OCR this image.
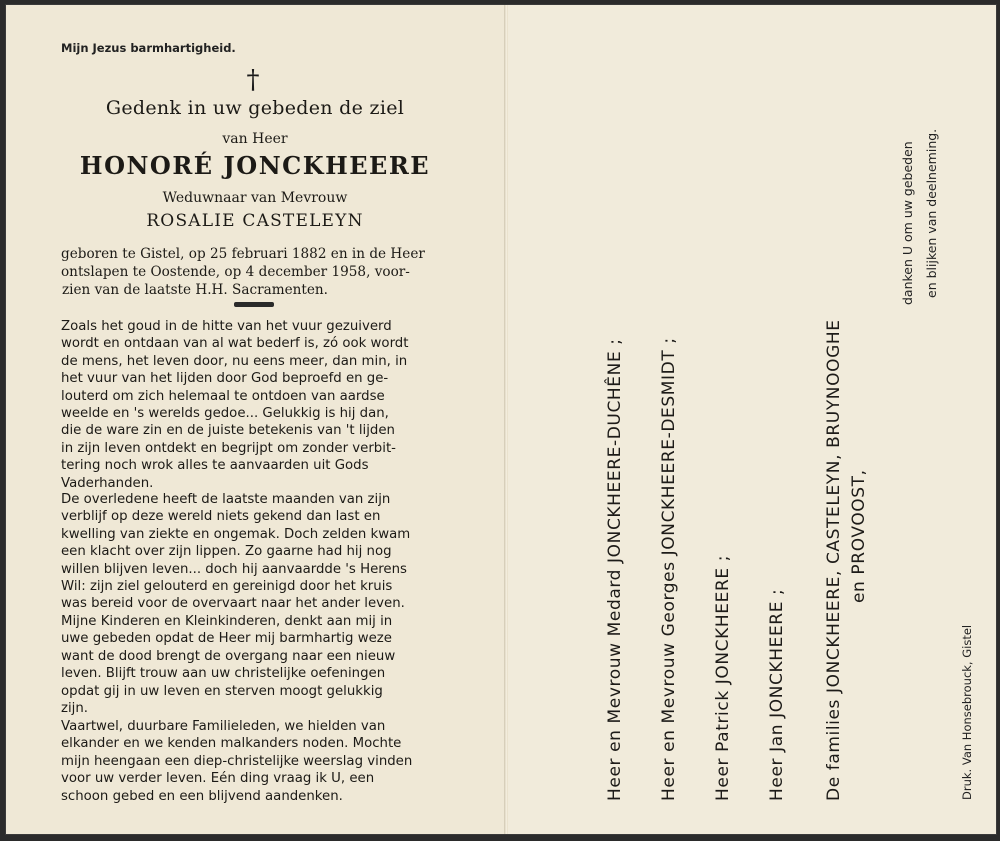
Mijn Jezus barmhartigheid.
†
Gedenk in uw gebeden de ziel
van Heer
HONORÉ JONCKHEERE
Weduwnaar van Mevrouw
ROSALIE CASTELEYN
geboren te Gistel, op 25 februari 1882 en in de Heer
ontslapen te Oostende, op 4 december 1958, voor-
zien van de laatste H.H. Sacramenten.
Zoals het goud in de hitte van het vuur gezuiverd
wordt en ontdaan van al wat bederf is, zó ook wordt
de mens, het leven door, nu eens meer, dan min, in
het vuur van het lijden door God beproefd en ge-
louterd om zich helemaal te ontdoen van aardse
weelde en 's werelds gedoe... Gelukkig is hij dan,
die de ware zin en de juiste betekenis van 't lijden
in zijn leven ontdekt en begrijpt om zonder verbit-
tering noch wrok alles te aanvaarden uit Gods
Vaderhanden.
De overledene heeft de laatste maanden van zijn
verblijf op deze wereld niets gekend dan last en
kwelling van ziekte en ongemak. Doch zelden kwam
een klacht over zijn lippen. Zo gaarne had hij nog
willen blijven leven... doch hij aanvaardde 's Herens
Wil: zijn ziel gelouterd en gereinigd door het kruis
was bereid voor de overvaart naar het ander leven.
Mijne Kinderen en Kleinkinderen, denkt aan mij in
uwe gebeden opdat de Heer mij barmhartig weze
want de dood brengt de overgang naar een nieuw
leven. Blijft trouw aan uw christelijke oefeningen
opdat gij in uw leven en sterven moogt gelukkig
zijn.
Vaartwel, duurbare Familieleden, we hielden van
elkander en we kenden malkanders noden. Mochte
mijn heengaan een diep-christelijke weerslag vinden
voor uw verder leven. Eén ding vraag ik U, een
schoon gebed en een blijvend aandenken.	Heer en Mevrouw Medard JONCKHEERE-DUCHÊNE ; Heer en Mevrouw Georges JONCKHEERE-DESMIDT ; Heer Patrick JONCKHEERE ; Heer Jan JONCKHEERE ; De families JONCKHEERE, CASTELEYN, BRUYNOOGHE en PROVOOST,
danken U om uw gebeden en blijken van deelneming.
Druk. Van Honsebrouck, Gistel
